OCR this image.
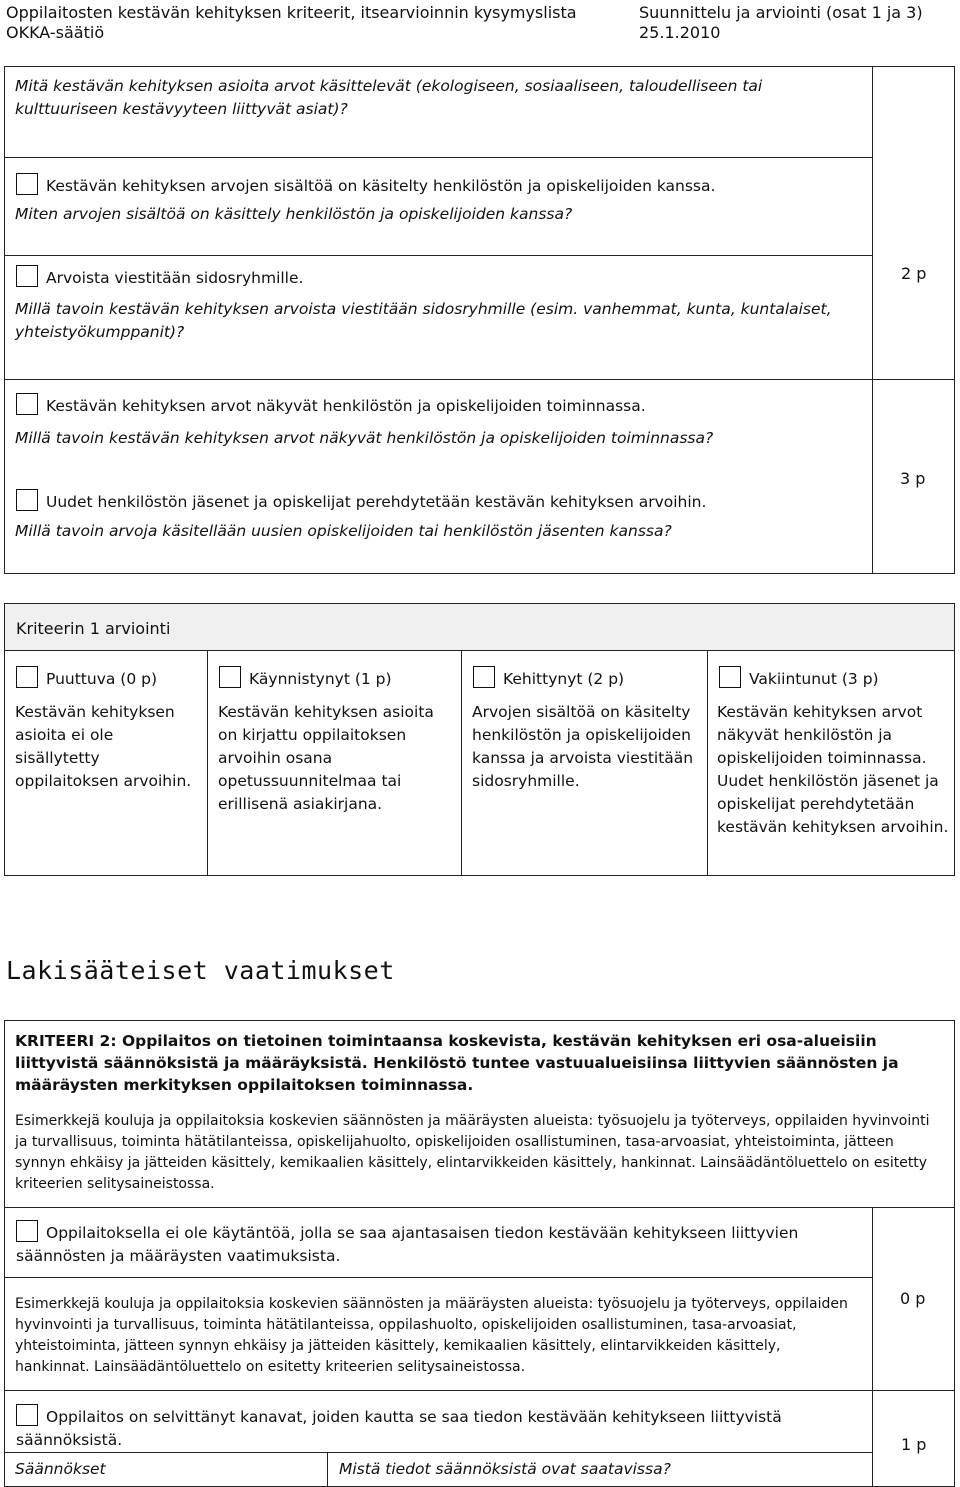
Oppilaitosten kestävän kehityksen kriteerit, itsearvioinnin kysymyslista
OKKA-säätiö
Suunnittelu ja arviointi (osat 1 ja 3)
25.1.2010
Mitä kestävän kehityksen asioita arvot käsittelevät (ekologiseen, sosiaaliseen, taloudelliseen tai kulttuuriseen kestävyyteen liittyvät asiat)?
Kestävän kehityksen arvojen sisältöä on käsitelty henkilöstön ja opiskelijoiden kanssa.
Miten arvojen sisältöä on käsittely henkilöstön ja opiskelijoiden kanssa?
Arvoista viestitään sidosryhmille.
Millä tavoin kestävän kehityksen arvoista viestitään sidosryhmille (esim. vanhemmat, kunta, kuntalaiset, yhteistyökumppanit)?
2 p
Kestävän kehityksen arvot näkyvät henkilöstön ja opiskelijoiden toiminnassa.
Millä tavoin kestävän kehityksen arvot näkyvät henkilöstön ja opiskelijoiden toiminnassa?
Uudet henkilöstön jäsenet ja opiskelijat perehdytetään kestävän kehityksen arvoihin.
Millä tavoin arvoja käsitellään uusien opiskelijoiden tai henkilöstön jäsenten kanssa?
3 p
Kriteerin 1 arviointi
Puuttuva (0 p)
Kestävän kehityksen asioita ei ole sisällytetty oppilaitoksen arvoihin.
Käynnistynyt (1 p)
Kestävän kehityksen asioita on kirjattu oppilaitoksen arvoihin osana opetussuunnitelmaa tai erillisenä asiakirjana.
Kehittynyt (2 p)
Arvojen sisältöä on käsitelty henkilöstön ja opiskelijoiden kanssa ja arvoista viestitään sidosryhmille.
Vakiintunut (3 p)
Kestävän kehityksen arvot näkyvät henkilöstön ja opiskelijoiden toiminnassa. Uudet henkilöstön jäsenet ja opiskelijat perehdytetään kestävän kehityksen arvoihin.
Lakisääteiset vaatimukset
KRITEERI 2: Oppilaitos on tietoinen toimintaansa koskevista, kestävän kehityksen eri osa-alueisiin liittyvistä säännöksistä ja määräyksistä. Henkilöstö tuntee vastuualueisiinsa liittyvien säännösten ja määräysten merkityksen oppilaitoksen toiminnassa.
Esimerkkejä kouluja ja oppilaitoksia koskevien säännösten ja määräysten alueista: työsuojelu ja työterveys, oppilaiden hyvinvointi ja turvallisuus, toiminta hätätilanteissa, opiskelijahuolto, opiskelijoiden osallistuminen, tasa-arvoasiat, yhteistoiminta, jätteen synnyn ehkäisy ja jätteiden käsittely, kemikaalien käsittely, elintarvikkeiden käsittely, hankinnat. Lainsäädäntöluettelo on esitetty kriteerien selitysaineistossa.
Oppilaitoksella ei ole käytäntöä, jolla se saa ajantasaisen tiedon kestävään kehitykseen liittyvien säännösten ja määräysten vaatimuksista.
Esimerkkejä kouluja ja oppilaitoksia koskevien säännösten ja määräysten alueista: työsuojelu ja työterveys, oppilaiden hyvinvointi ja turvallisuus, toiminta hätätilanteissa, oppilashuolto, opiskelijoiden osallistuminen, tasa-arvoasiat, yhteistoiminta, jätteen synnyn ehkäisy ja jätteiden käsittely, kemikaalien käsittely, elintarvikkeiden käsittely, hankinnat. Lainsäädäntöluettelo on esitetty kriteerien selitysaineistossa.
0 p
Oppilaitos on selvittänyt kanavat, joiden kautta se saa tiedon kestävään kehitykseen liittyvistä säännöksistä.	1 p
Säännökset	Mistä tiedot säännöksistä ovat saatavissa?
